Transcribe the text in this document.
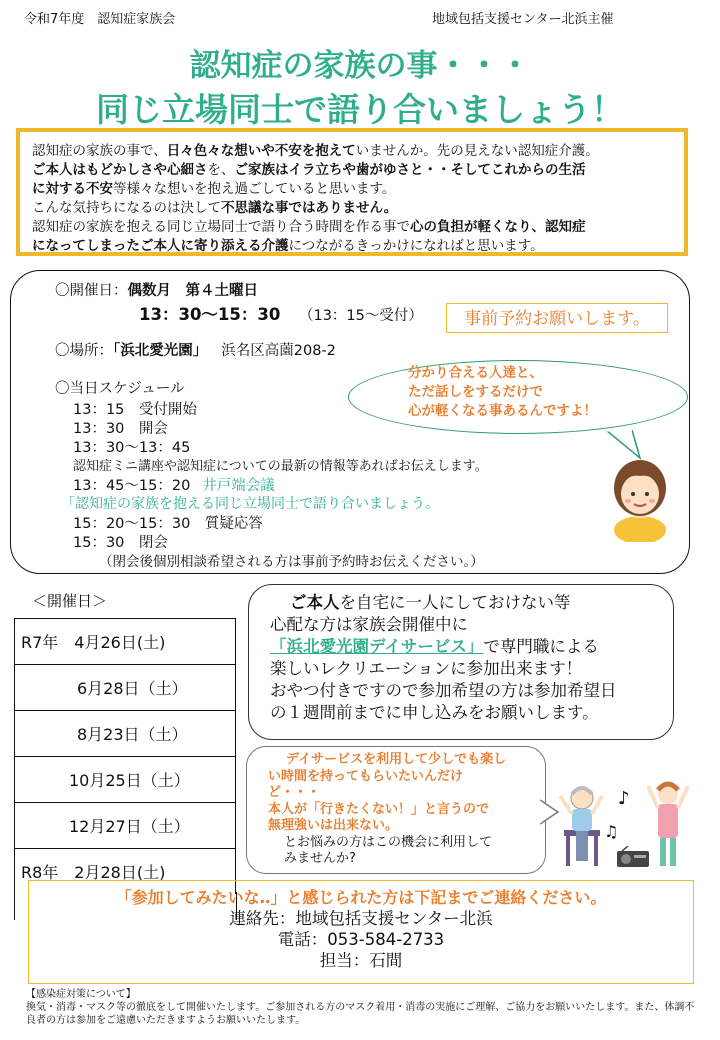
令和7年度　認知症家族会	地域包括支援センター北浜主催
認知症の家族の事・・・
同じ立場同士で語り合いましょう！
認知症の家族の事で、日々色々な想いや不安を抱えていませんか。先の見えない認知症介護。
ご本人はもどかしさや心細さを、ご家族はイラ立ちや歯がゆさと・・そしてこれからの生活
に対する不安等様々な想いを抱え過ごしていると思います。
こんな気持ちになるのは決して不思議な事ではありません。
認知症の家族を抱える同じ立場同士で語り合う時間を作る事で心の負担が軽くなり、認知症
になってしまったご本人に寄り添える介護につながるきっかけになればと思います。
〇開催日：偶数月　第４土曜日
13：30〜15：30 （13：15〜受付）
〇場所：「浜北愛光園」 浜名区高薗208-2
〇当日スケジュール
13：15　受付開始
13：30　開会
13：30〜13：45
認知症ミニ講座や認知症についての最新の情報等あればお伝えします。
13：45〜15：20 井戸端会議
「認知症の家族を抱える同じ立場同士で語り合いましょう。
15：20〜15：30　質疑応答
15：30　閉会
（閉会後個別相談希望される方は事前予約時お伝えください。）
事前予約お願いします。
分かり合える人達と、
ただ話しをするだけで
心が軽くなる事あるんですよ！
＜開催日＞
R7年　4月26日(土)
6月28日（土）
8月23日（土）
10月25日（土）
12月27日（土）
R8年　2月28日(土)
ご本人を自宅に一人にしておけない等
心配な方は家族会開催中に
「浜北愛光園デイサービス」で専門職による
楽しいレクリエーションに参加出来ます！
おやつ付きですので参加希望の方は参加希望日
の１週間前までに申し込みをお願いします。
デイサービスを利用して少しでも楽し
い時間を持ってもらいたいんだけ
ど・・・
本人が「行きたくない！」と言うので
無理強いは出来ない。
とお悩みの方はこの機会に利用して
みませんか?
♪
♫
「参加してみたいな‥」と感じられた方は下記までご連絡ください。
連絡先：地域包括支援センター北浜
電話：053-584-2733
担当：石間
【感染症対策について】
換気・消毒・マスク等の徹底をして開催いたします。ご参加される方のマスク着用・消毒の実施にご理解、ご協力をお願いいたします。また、体調不良者の方は参加をご遠慮いただきますようお願いいたします。
